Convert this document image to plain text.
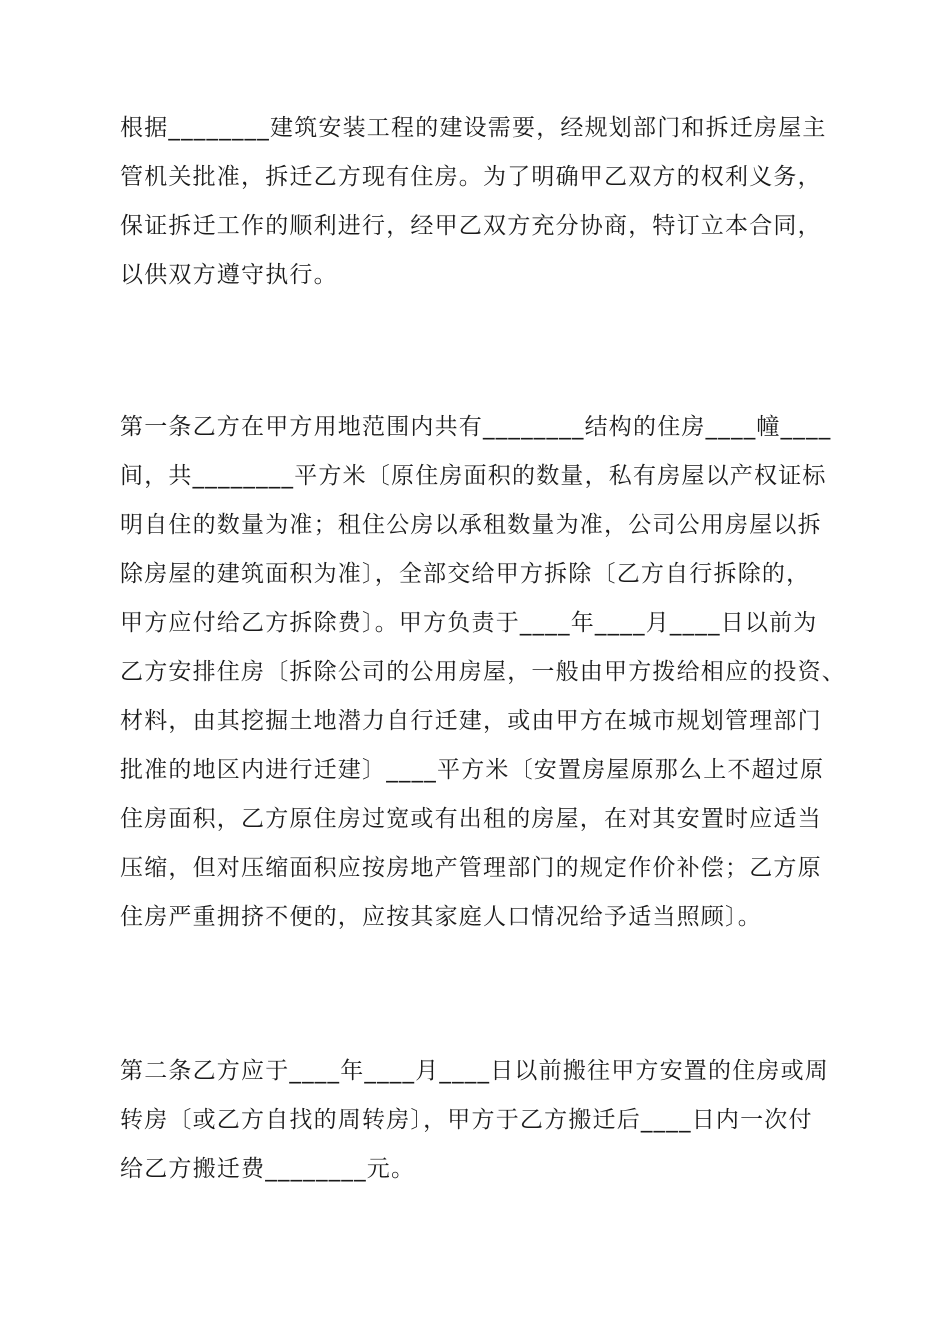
根据________建筑安装工程的建设需要，经规划部门和拆迁房屋主
管机关批准，拆迁乙方现有住房。为了明确甲乙双方的权利义务，
保证拆迁工作的顺利进行，经甲乙双方充分协商，特订立本合同，
以供双方遵守执行。

第一条乙方在甲方用地范围内共有________结构的住房____幢____
间，共________平方米〔原住房面积的数量，私有房屋以产权证标
明自住的数量为准；租住公房以承租数量为准，公司公用房屋以拆
除房屋的建筑面积为准〕，全部交给甲方拆除〔乙方自行拆除的，
甲方应付给乙方拆除费〕。甲方负责于____年____月____日以前为
乙方安排住房〔拆除公司的公用房屋，一般由甲方拨给相应的投资、
材料，由其挖掘土地潜力自行迁建，或由甲方在城市规划管理部门
批准的地区内进行迁建〕____平方米〔安置房屋原那么上不超过原
住房面积，乙方原住房过宽或有出租的房屋，在对其安置时应适当
压缩，但对压缩面积应按房地产管理部门的规定作价补偿；乙方原
住房严重拥挤不便的，应按其家庭人口情况给予适当照顾〕。

第二条乙方应于____年____月____日以前搬往甲方安置的住房或周
转房〔或乙方自找的周转房〕，甲方于乙方搬迁后____日内一次付
给乙方搬迁费________元。
